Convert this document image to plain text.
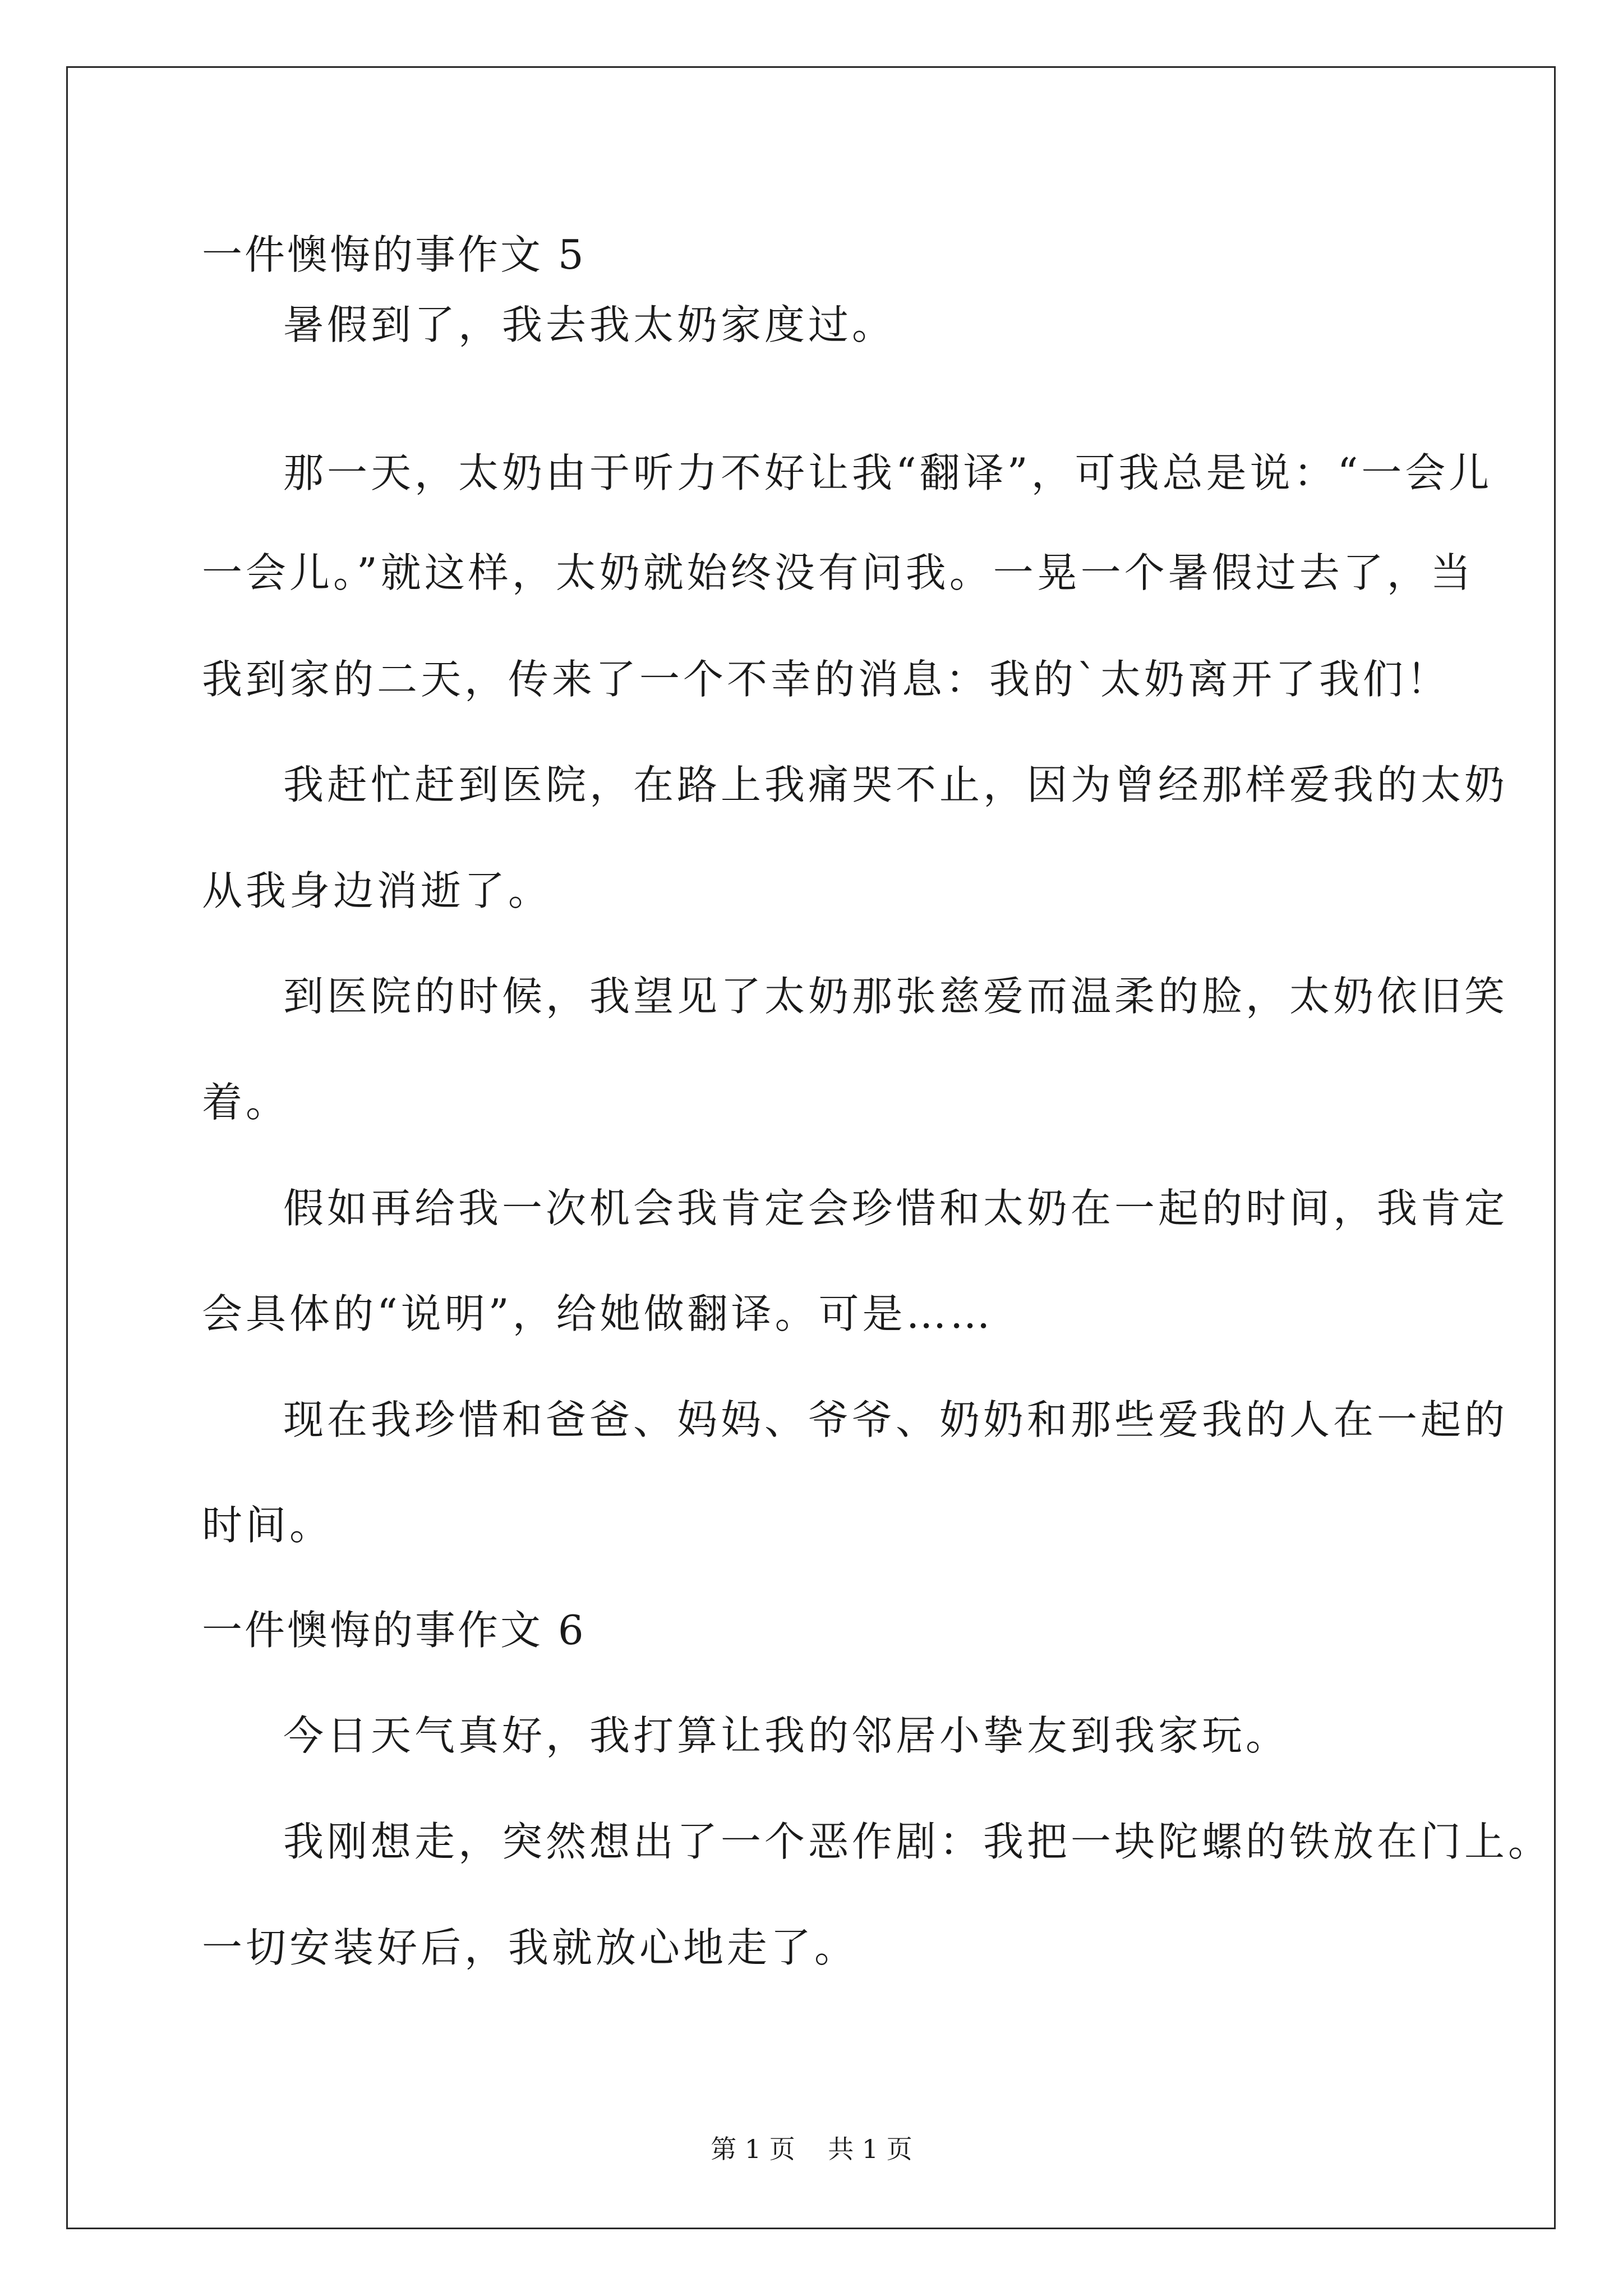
一件懊悔的事作文 5
暑假到了，我去我太奶家度过。
那一天，太奶由于听力不好让我“翻译”，可我总是说：“一会儿
一会儿。”就这样，太奶就始终没有问我。一晃一个暑假过去了，当
我到家的二天，传来了一个不幸的消息：我的`太奶离开了我们！
我赶忙赶到医院，在路上我痛哭不止，因为曾经那样爱我的太奶
从我身边消逝了。
到医院的时候，我望见了太奶那张慈爱而温柔的脸，太奶依旧笑
着。
假如再给我一次机会我肯定会珍惜和太奶在一起的时间，我肯定
会具体的“说明”，给她做翻译。可是……
现在我珍惜和爸爸、妈妈、爷爷、奶奶和那些爱我的人在一起的
时间。
一件懊悔的事作文 6
今日天气真好，我打算让我的邻居小挚友到我家玩。
我刚想走，突然想出了一个恶作剧：我把一块陀螺的铁放在门上。
一切安装好后，我就放心地走了。
第 1 页    共 1 页
